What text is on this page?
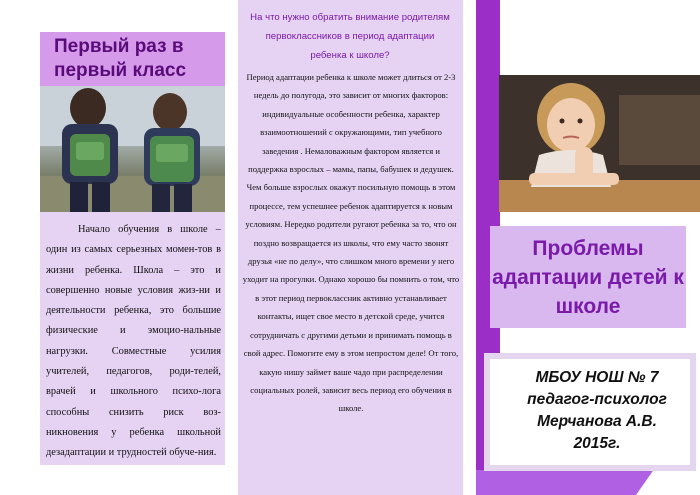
Первый раз в первый класс
Начало обучения в школе – один из самых серьезных момен-тов в жизни ребенка. Школа – это и совершенно новые условия жиз-ни и деятельности ребенка, это большие физические и эмоцио-нальные нагрузки. Совместные усилия учителей, педагогов, роди-телей, врачей и школьного психо-лога способны снизить риск воз-никновения у ребенка школьной дезадаптации и трудностей обуче-ния.
На что нужно обратить внимание родителям первоклассников в период адаптации ребенка к школе?
Период адаптации ребенка к школе может длиться от 2-3 недель до полугода, это зависит от многих факторов: индивидуальные особенности ребенка, характер взаимоотношений с окружающими, тип учебного заведения . Немаловажным фактором является и поддержка взрослых – мамы, папы, бабушек и дедушек. Чем больше взрослых окажут посильную помощь в этом процессе, тем успешнее ребенок адаптируется к новым условиям. Нередко родители ругают ребенка за то, что он поздно возвращается из школы, что ему часто звонят друзья «не по делу», что слишком много времени у него уходит на прогулки. Однако хорошо бы помнить о том, что в этот период первоклассник активно устанавливает контакты, ищет свое место в детской среде, учится сотрудничать с другими детьми и принимать помощь в свой адрес. Помогите ему в этом непростом деле! От того, какую нишу займет ваше чадо при распределении социальных ролей, зависит весь период его обучения в школе.
Проблемы адаптации детей к школе
МБОУ НОШ № 7
педагог-психолог
Мерчанова А.В.
2015г.
